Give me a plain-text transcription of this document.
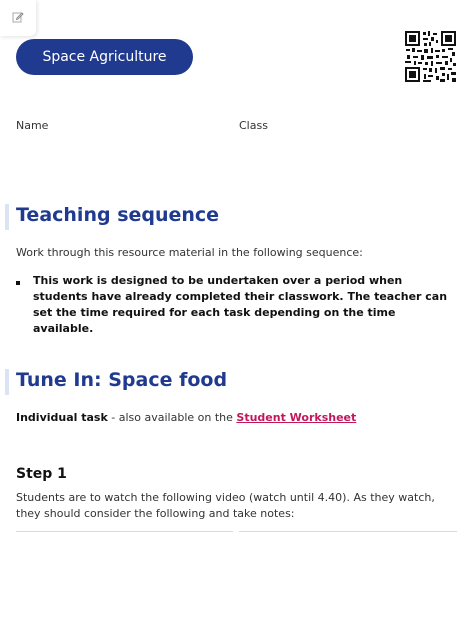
Space Agriculture
Name	Class
Teaching sequence
Work through this resource material in the following sequence:
This work is designed to be undertaken over a period when students have already completed their classwork. The teacher can set the time required for each task depending on the time available.
Tune In: Space food
Individual task - also available on the Student Worksheet
Step 1
Students are to watch the following video (watch until 4.40). As they watch, they should consider the following and take notes:
